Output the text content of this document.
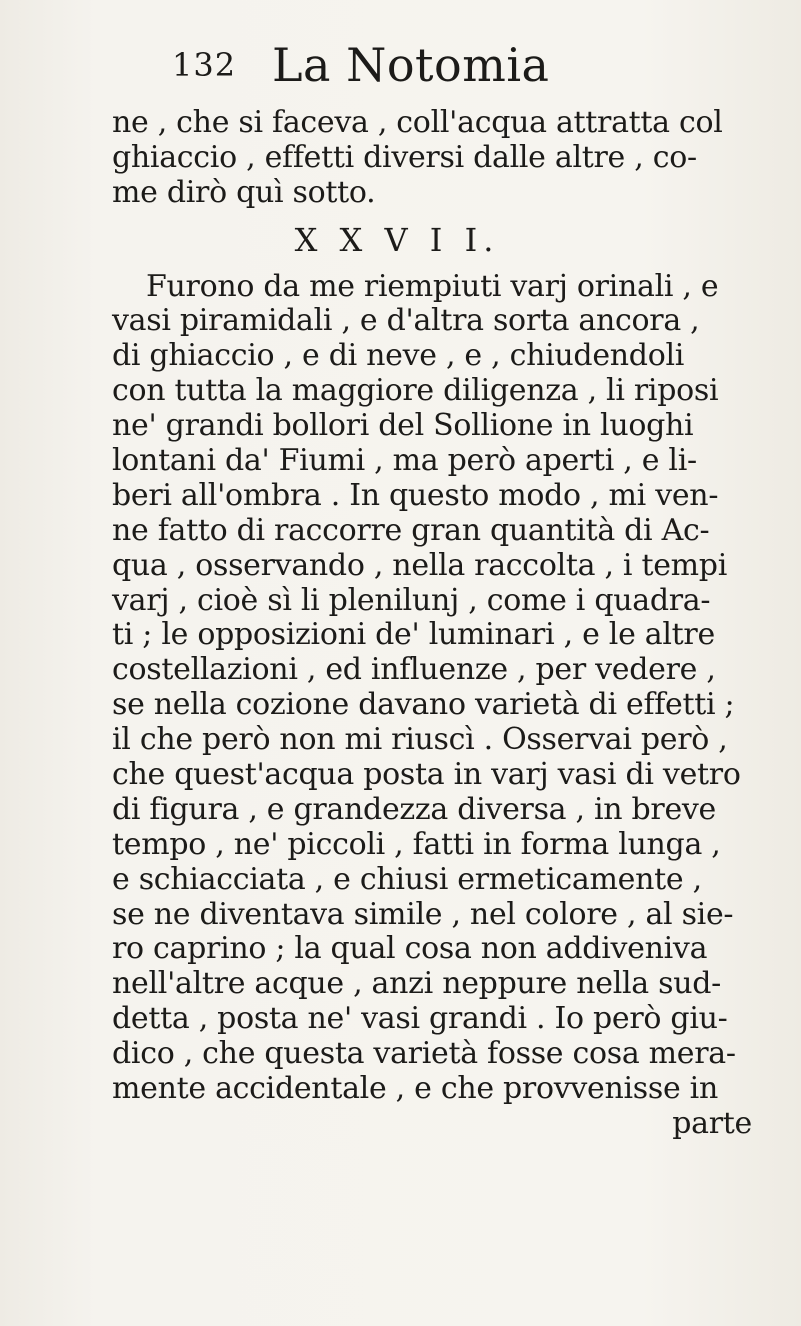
132 La Notomia
ne , che si faceva , coll'acqua attratta col
ghiaccio , effetti diversi dalle altre , co-
me dirò quì sotto.
X X V I I.
Furono da me riempiuti varj orinali , e
vasi piramidali , e d'altra sorta ancora ,
di ghiaccio , e di neve , e , chiudendoli
con tutta la maggiore diligenza , li riposi
ne' grandi bollori del Sollione in luoghi
lontani da' Fiumi , ma però aperti , e li-
beri all'ombra . In questo modo , mi ven-
ne fatto di raccorre gran quantità di Ac-
qua , osservando , nella raccolta , i tempi
varj , cioè sì li plenilunj , come i quadra-
ti ; le opposizioni de' luminari , e le altre
costellazioni , ed influenze , per vedere ,
se nella cozione davano varietà di effetti ;
il che però non mi riuscì . Osservai però ,
che quest'acqua posta in varj vasi di vetro
di figura , e grandezza diversa , in breve
tempo , ne' piccoli , fatti in forma lunga ,
e schiacciata , e chiusi ermeticamente ,
se ne diventava simile , nel colore , al sie-
ro caprino ; la qual cosa non addiveniva
nell'altre acque , anzi neppure nella sud-
detta , posta ne' vasi grandi . Io però giu-
dico , che questa varietà fosse cosa mera-
mente accidentale , e che provvenisse in
parte
